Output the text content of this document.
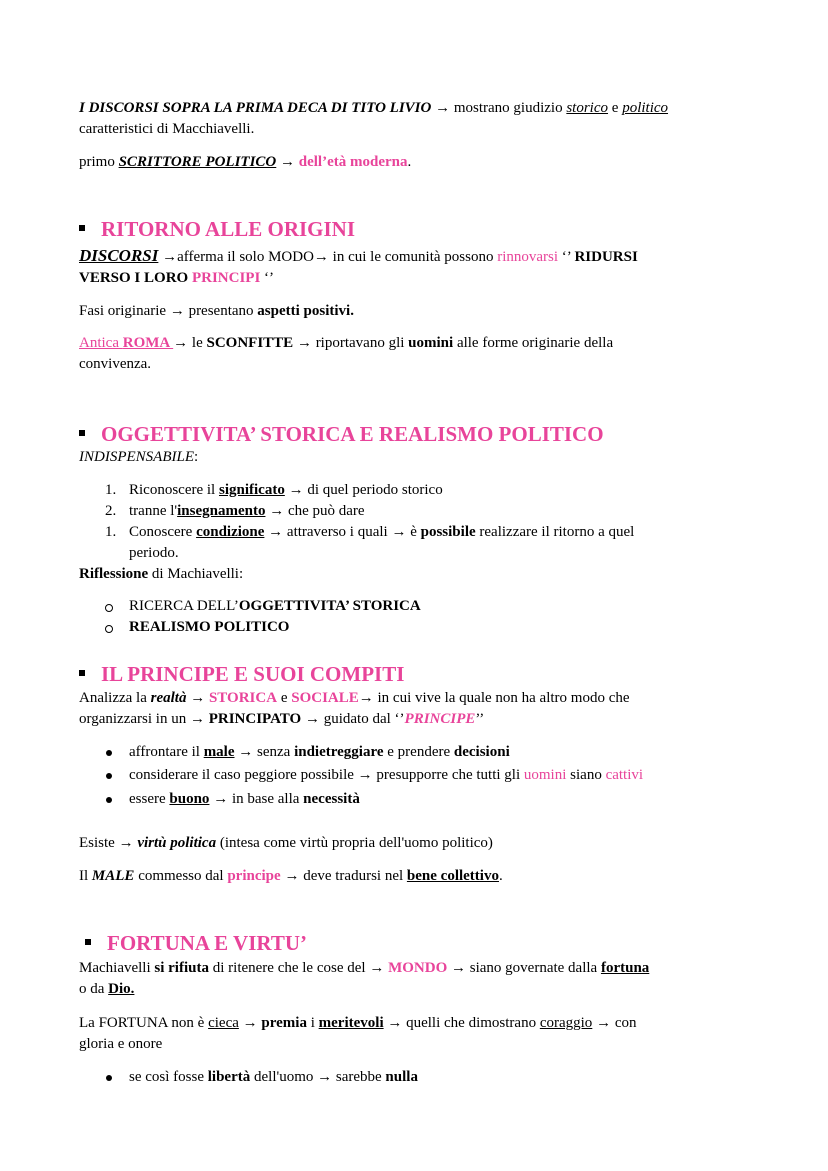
I DISCORSI SOPRA LA PRIMA DECA DI TITO LIVIO → mostrano giudizio storico e politico
caratteristici di Macchiavelli.
primo SCRITTORE POLITICO → dell’età moderna.
RITORNO ALLE ORIGINI
DISCORSI →afferma il solo MODO→ in cui le comunità possono rinnovarsi ‘’ RIDURSI
VERSO I LORO PRINCIPI ‘’
Fasi originarie → presentano aspetti positivi.
Antica ROMA → le SCONFITTE → riportavano gli uomini alle forme originarie della
convivenza.
OGGETTIVITA’ STORICA E REALISMO POLITICO
INDISPENSABILE:
1. Riconoscere il significato → di quel periodo storico
2. tranne l'insegnamento → che può dare
1. Conoscere condizione → attraverso i quali → è possibile realizzare il ritorno a quel
periodo.
Riflessione di Machiavelli:
RICERCA DELL’OGGETTIVITA’ STORICA
REALISMO POLITICO
IL PRINCIPE E SUOI COMPITI
Analizza la realtà → STORICA e SOCIALE→ in cui vive la quale non ha altro modo che
organizzarsi in un → PRINCIPATO → guidato dal ‘’PRINCIPE’’
affrontare il male → senza indietreggiare e prendere decisioni
considerare il caso peggiore possibile → presupporre che tutti gli uomini siano cattivi
essere buono → in base alla necessità
Esiste → virtù politica (intesa come virtù propria dell'uomo politico)
Il MALE commesso dal principe → deve tradursi nel bene collettivo.
FORTUNA E VIRTU’
Machiavelli si rifiuta di ritenere che le cose del → MONDO → siano governate dalla fortuna
o da Dio.
La FORTUNA non è cieca → premia i meritevoli → quelli che dimostrano coraggio → con
gloria e onore
se così fosse libertà dell'uomo → sarebbe nulla
